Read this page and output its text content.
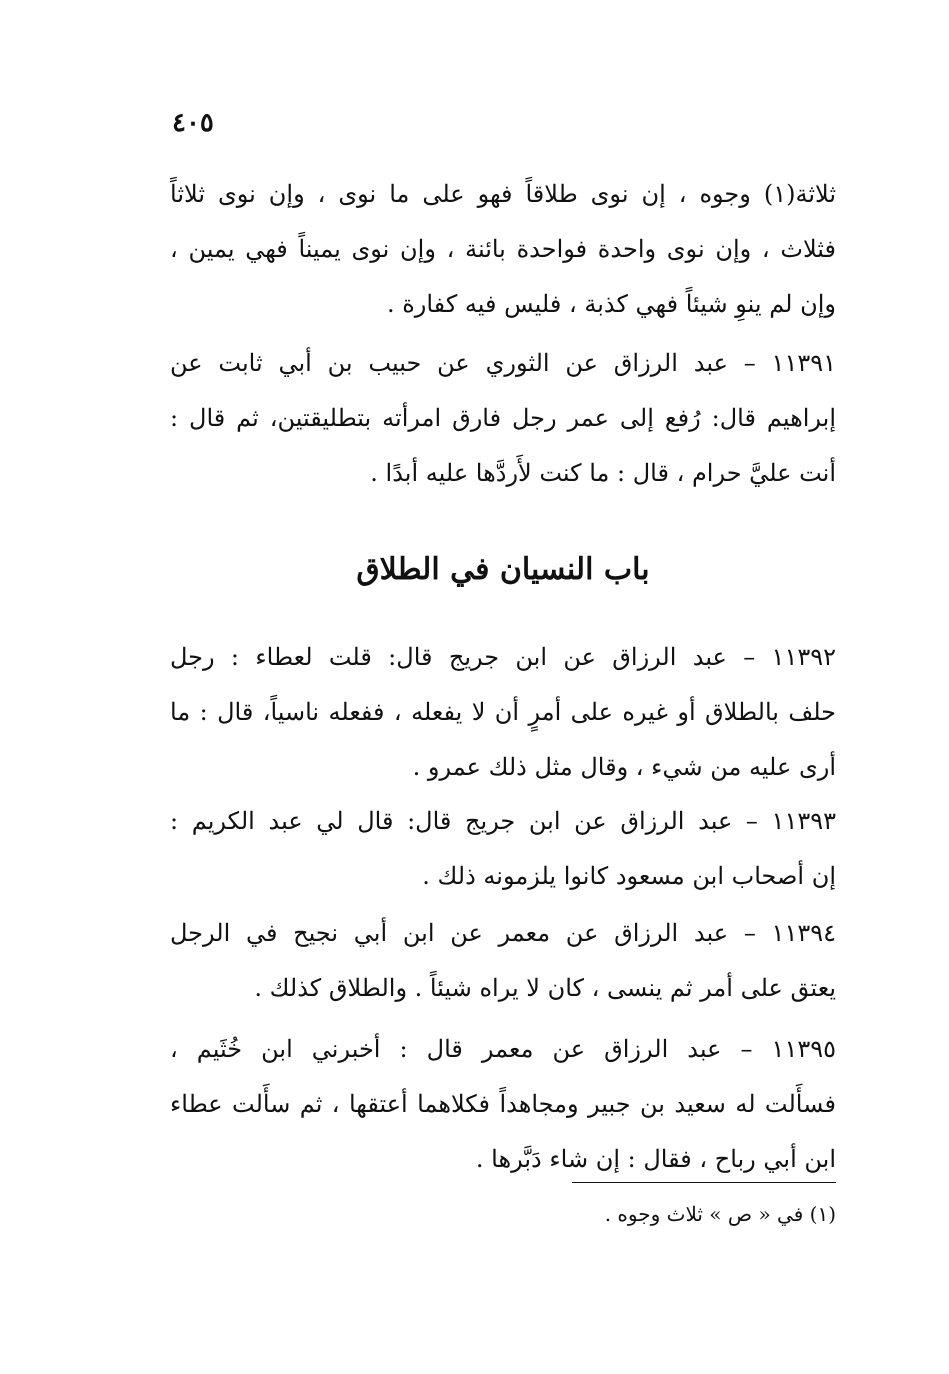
٤٠٥
ثلاثة(١) وجوه ، إن نوى طلاقاً فهو على ما نوى ، وإن نوى ثلاثاً
فثلاث ، وإن نوى واحدة فواحدة بائنة ، وإن نوى يميناً فهي يمين ،
وإن لم ينوِ شيئاً فهي كذبة ، فليس فيه كفارة .
١١٣٩١ – عبد الرزاق عن الثوري عن حبيب بن أبي ثابت عن
إبراهيم قال: رُفع إلى عمر رجل فارق امرأته بتطليقتين، ثم قال :
أنت عليَّ حرام ، قال : ما كنت لأَردَّها عليه أبدًا .
باب النسيان في الطلاق
١١٣٩٢ – عبد الرزاق عن ابن جريج قال: قلت لعطاء : رجل
حلف بالطلاق أو غيره على أمرٍ أن لا يفعله ، ففعله ناسياً، قال : ما
أرى عليه من شيء ، وقال مثل ذلك عمرو .
١١٣٩٣ – عبد الرزاق عن ابن جريج قال: قال لي عبد الكريم :
إن أصحاب ابن مسعود كانوا يلزمونه ذلك .
١١٣٩٤ – عبد الرزاق عن معمر عن ابن أبي نجيح في الرجل
يعتق على أمر ثم ينسى ، كان لا يراه شيئاً . والطلاق كذلك .
١١٣٩٥ – عبد الرزاق عن معمر قال : أخبرني ابن خُثَيم ،
فسأَلت له سعيد بن جبير ومجاهداً فكلاهما أعتقها ، ثم سأَلت عطاء
ابن أبي رباح ، فقال : إن شاء دَبَّرها .
(١) في « ص » ثلاث وجوه .
